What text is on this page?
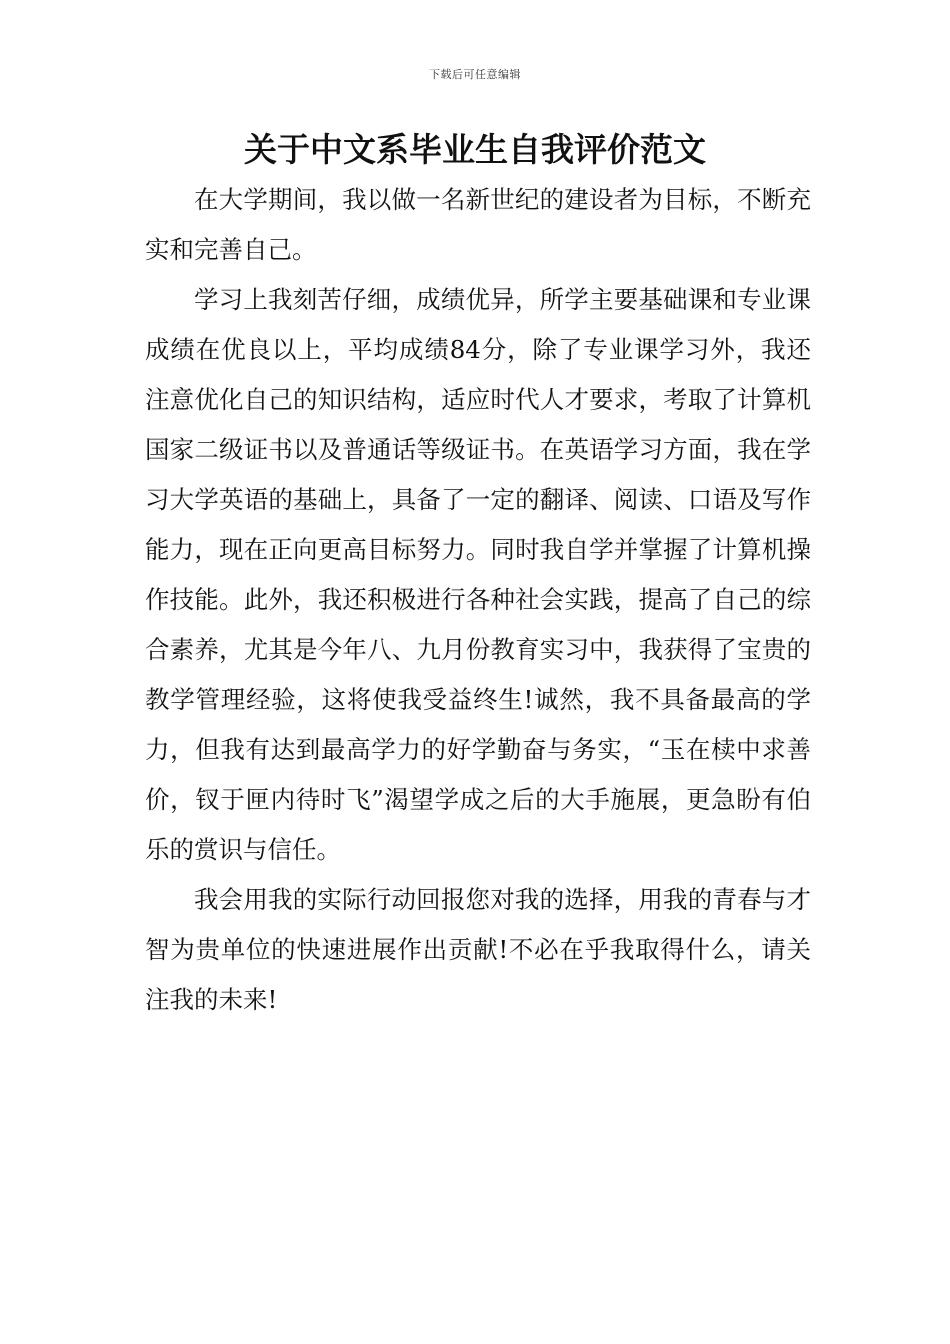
下载后可任意编辑
关于中文系毕业生自我评价范文

在大学期间，我以做一名新世纪的建设者为目标，不断充实和完善自己。

学习上我刻苦仔细，成绩优异，所学主要基础课和专业课成绩在优良以上，平均成绩84分，除了专业课学习外，我还注意优化自己的知识结构，适应时代人才要求，考取了计算机国家二级证书以及普通话等级证书。在英语学习方面，我在学习大学英语的基础上，具备了一定的翻译、阅读、口语及写作能力，现在正向更高目标努力。同时我自学并掌握了计算机操作技能。此外，我还积极进行各种社会实践，提高了自己的综合素养，尤其是今年八、九月份教育实习中，我获得了宝贵的教学管理经验，这将使我受益终生!诚然，我不具备最高的学力，但我有达到最高学力的好学勤奋与务实，“玉在椟中求善价，钗于匣内待时飞”渴望学成之后的大手施展，更急盼有伯乐的赏识与信任。

我会用我的实际行动回报您对我的选择，用我的青春与才智为贵单位的快速进展作出贡献!不必在乎我取得什么，请关注我的未来!
